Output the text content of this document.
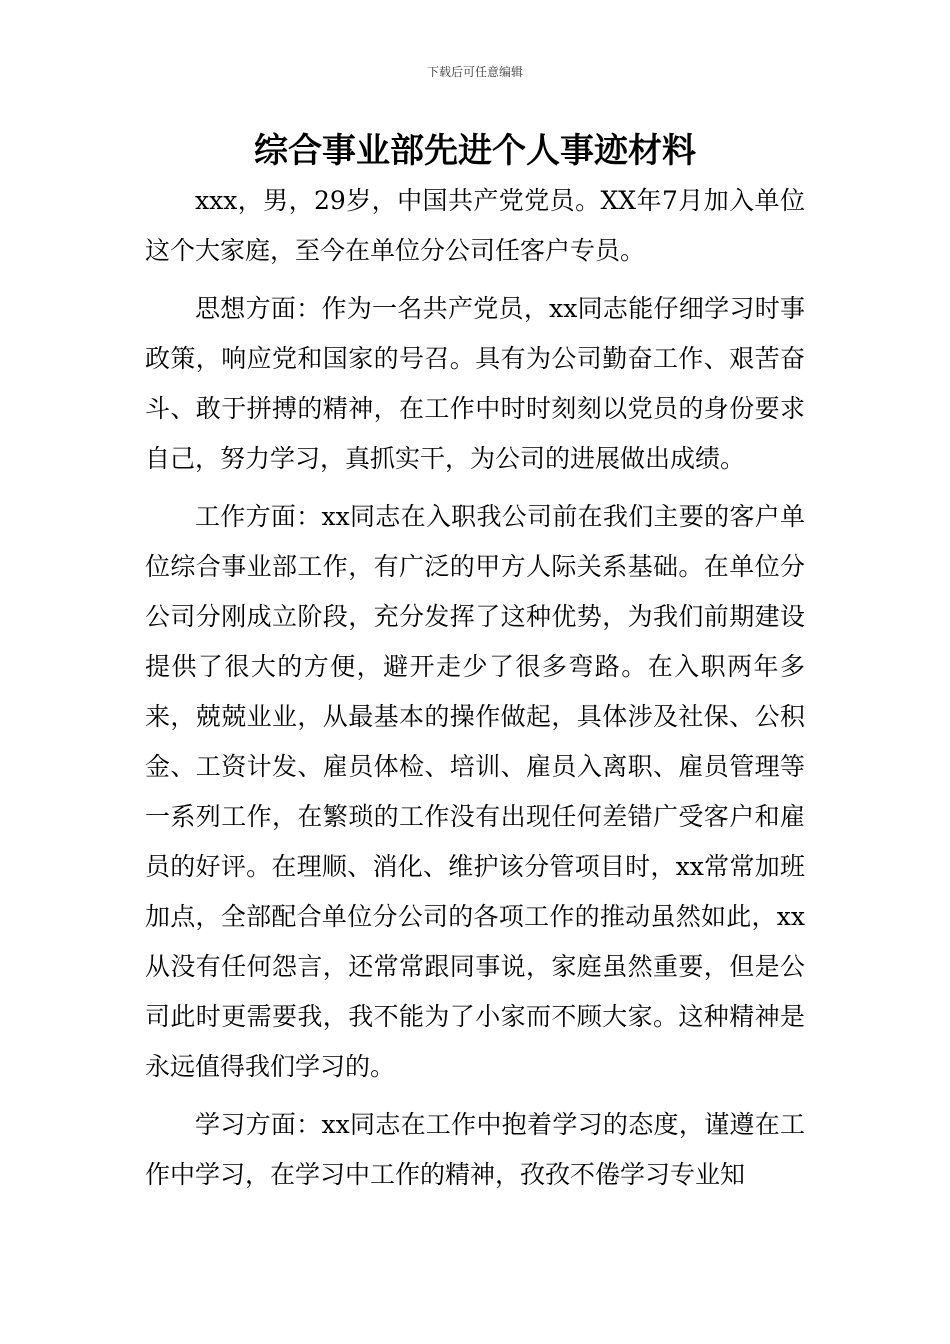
下载后可任意编辑
综合事业部先进个人事迹材料

xxx，男，29岁，中国共产党党员。XX年7月加入单位这个大家庭，至今在单位分公司任客户专员。

思想方面：作为一名共产党员，xx同志能仔细学习时事政策，响应党和国家的号召。具有为公司勤奋工作、艰苦奋斗、敢于拼搏的精神，在工作中时时刻刻以党员的身份要求自己，努力学习，真抓实干，为公司的进展做出成绩。

工作方面：xx同志在入职我公司前在我们主要的客户单位综合事业部工作，有广泛的甲方人际关系基础。在单位分公司分刚成立阶段，充分发挥了这种优势，为我们前期建设提供了很大的方便，避开走少了很多弯路。在入职两年多来，兢兢业业，从最基本的操作做起，具体涉及社保、公积金、工资计发、雇员体检、培训、雇员入离职、雇员管理等一系列工作，在繁琐的工作没有出现任何差错广受客户和雇员的好评。在理顺、消化、维护该分管项目时，xx常常加班加点，全部配合单位分公司的各项工作的推动虽然如此，xx从没有任何怨言，还常常跟同事说，家庭虽然重要，但是公司此时更需要我，我不能为了小家而不顾大家。这种精神是永远值得我们学习的。

学习方面：xx同志在工作中抱着学习的态度，谨遵在工作中学习，在学习中工作的精神，孜孜不倦学习专业知
